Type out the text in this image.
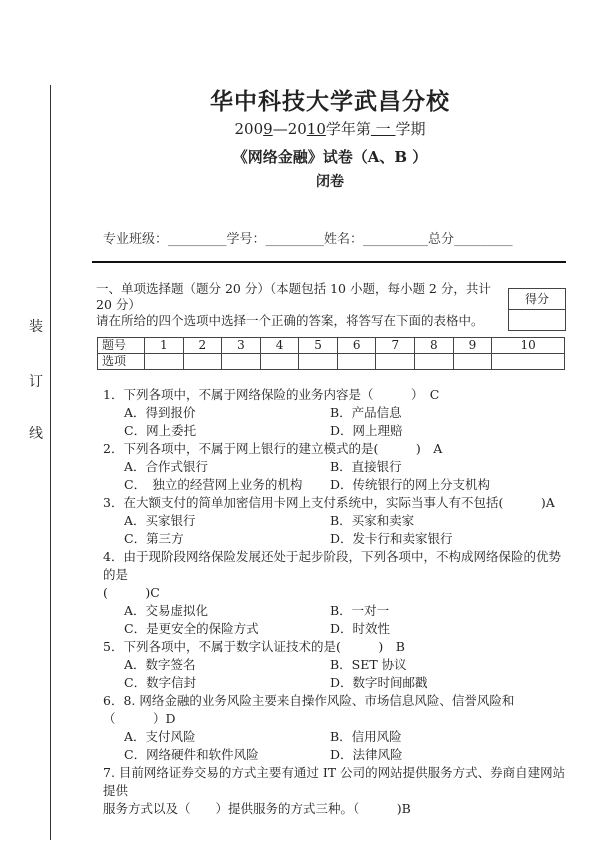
装
订
线
华中科技大学武昌分校
2009—2010学年第 一 学期
《网络金融》试卷（A、B ）
闭卷
专业班级：_________学号：_________姓名：__________总分_________
一、单项选择题（题分 20 分）（本题包括 10 小题，每小题 2 分，共计 20 分）
请在所给的四个选项中选择一个正确的答案，将答写在下面的表格中。
得分
题号	1	2	3	4	5	6	7	8	9	10
选项										
1．下列各项中，不属于网络保险的业务内容是（　　　）　C
A．得到报价	B．产品信息
C．网上委托	D．网上理赔
2．下列各项中，不属于网上银行的建立模式的是(　　　)　A
A．合作式银行	B．直接银行
C．　独立的经营网上业务的机构	D．传统银行的网上分支机构
3．在大额支付的简单加密信用卡网上支付系统中，实际当事人有不包括(　　　)A
A．买家银行	B．买家和卖家
C．第三方	D．发卡行和卖家银行
4．由于现阶段网络保险发展还处于起步阶段，下列各项中，不构成网络保险的优势的是
(　　　)C
A．交易虚拟化	B．一对一
C．是更安全的保险方式	D．时效性
5．下列各项中，不属于数字认证技术的是(　　　)　B
A．数字签名	B．SET 协议
C．数字信封	D．数字时间邮戳
6．8. 网络金融的业务风险主要来自操作风险、市场信息风险、信誉风险和（　　　）D
A．支付风险	B．信用风险
C．网络硬件和软件风险	D．法律风险
7. 目前网络证券交易的方式主要有通过 IT 公司的网站提供服务方式、券商自建网站提供
服务方式以及（　　）提供服务的方式三种。（　　　)B
